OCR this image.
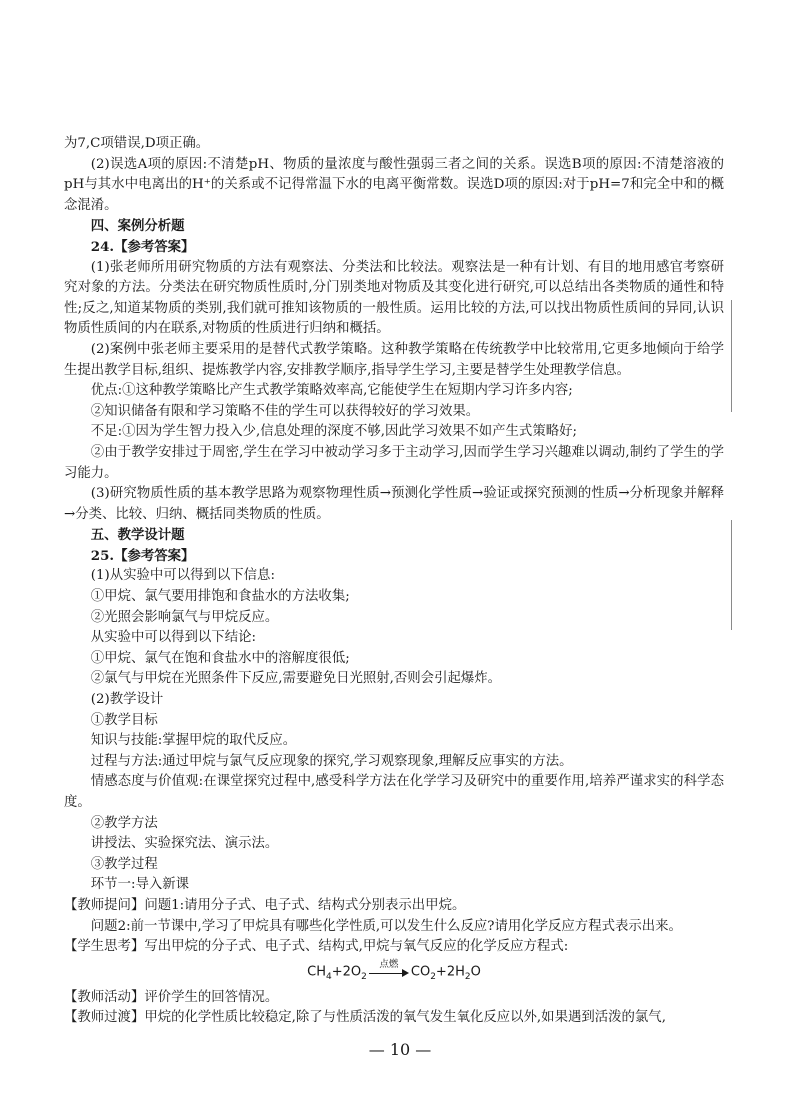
为7,C项错误,D项正确。

(2)误选A项的原因:不清楚pH、物质的量浓度与酸性强弱三者之间的关系。误选B项的原因:不清楚溶液的pH与其水中电离出的H⁺的关系或不记得常温下水的电离平衡常数。误选D项的原因:对于pH=7和完全中和的概念混淆。

四、案例分析题

24.【参考答案】

(1)张老师所用研究物质的方法有观察法、分类法和比较法。观察法是一种有计划、有目的地用感官考察研究对象的方法。分类法在研究物质性质时,分门别类地对物质及其变化进行研究,可以总结出各类物质的通性和特性;反之,知道某物质的类别,我们就可推知该物质的一般性质。运用比较的方法,可以找出物质性质间的异同,认识物质性质间的内在联系,对物质的性质进行归纳和概括。

(2)案例中张老师主要采用的是替代式教学策略。这种教学策略在传统教学中比较常用,它更多地倾向于给学生提出教学目标,组织、提炼教学内容,安排教学顺序,指导学生学习,主要是替学生处理教学信息。

优点:①这种教学策略比产生式教学策略效率高,它能使学生在短期内学习许多内容;

②知识储备有限和学习策略不佳的学生可以获得较好的学习效果。

不足:①因为学生智力投入少,信息处理的深度不够,因此学习效果不如产生式策略好;

②由于教学安排过于周密,学生在学习中被动学习多于主动学习,因而学生学习兴趣难以调动,制约了学生的学习能力。

(3)研究物质性质的基本教学思路为观察物理性质→预测化学性质→验证或探究预测的性质→分析现象并解释→分类、比较、归纳、概括同类物质的性质。

五、教学设计题

25.【参考答案】

(1)从实验中可以得到以下信息:

①甲烷、氯气要用排饱和食盐水的方法收集;

②光照会影响氯气与甲烷反应。

从实验中可以得到以下结论:

①甲烷、氯气在饱和食盐水中的溶解度很低;

②氯气与甲烷在光照条件下反应,需要避免日光照射,否则会引起爆炸。

(2)教学设计

①教学目标

知识与技能:掌握甲烷的取代反应。

过程与方法:通过甲烷与氯气反应现象的探究,学习观察现象,理解反应事实的方法。

情感态度与价值观:在课堂探究过程中,感受科学方法在化学学习及研究中的重要作用,培养严谨求实的科学态度。

②教学方法

讲授法、实验探究法、演示法。

③教学过程

环节一:导入新课

【教师提问】问题1:请用分子式、电子式、结构式分别表示出甲烷。

问题2:前一节课中,学习了甲烷具有哪些化学性质,可以发生什么反应?请用化学反应方程式表示出来。

【学生思考】写出甲烷的分子式、电子式、结构式,甲烷与氧气反应的化学反应方程式:

$CH_4+2O_2$
点燃 $CO_2+2H_2O$

【教师活动】评价学生的回答情况。

【教师过渡】甲烷的化学性质比较稳定,除了与性质活泼的氧气发生氧化反应以外,如果遇到活泼的氯气,

— 10 —
